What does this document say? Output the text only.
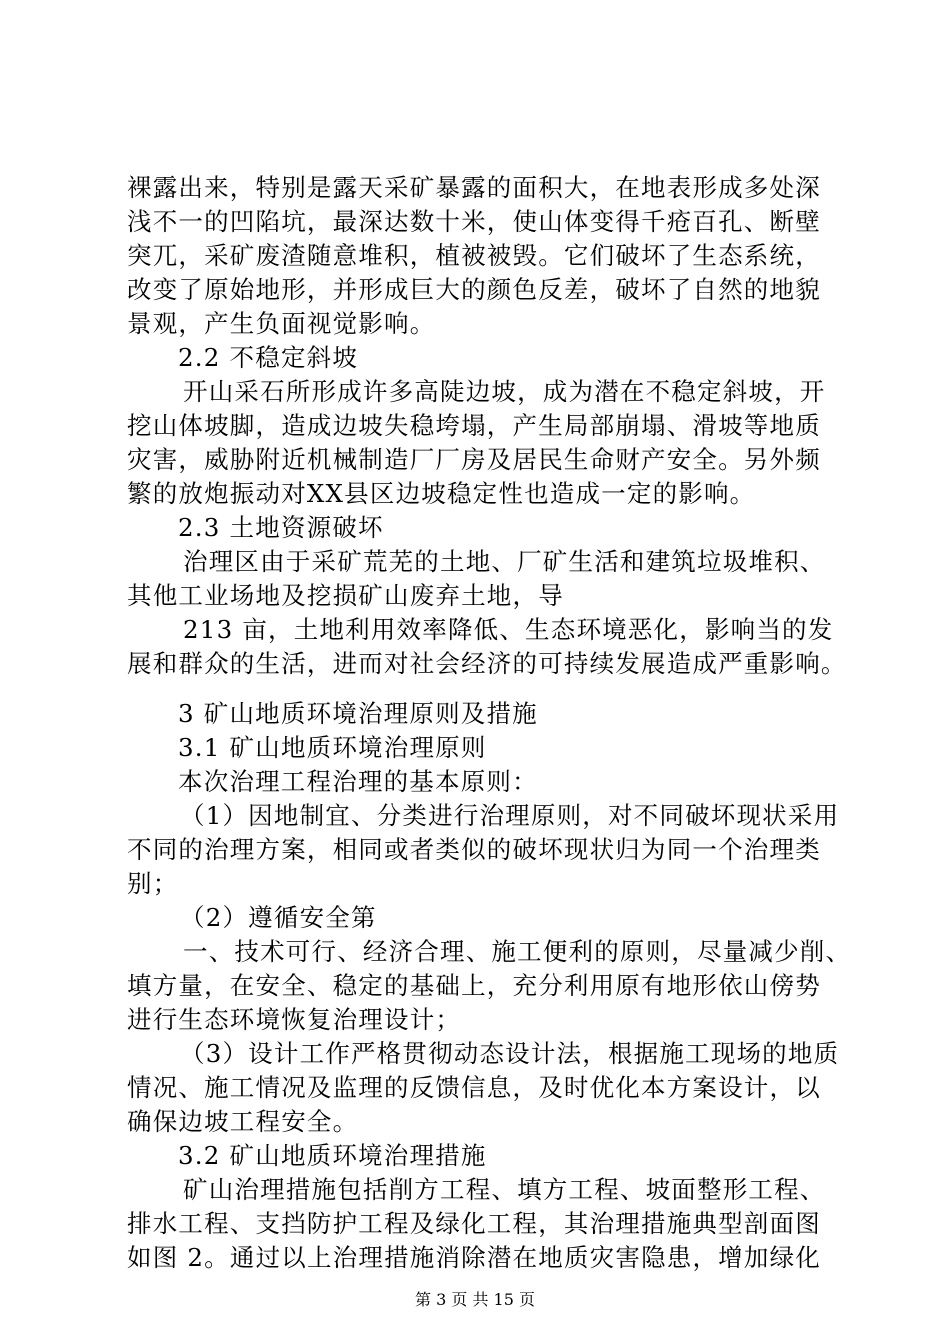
裸露出来，特别是露天采矿暴露的面积大，在地表形成多处深
浅不一的凹陷坑，最深达数十米，使山体变得千疮百孔、断壁
突兀，采矿废渣随意堆积，植被被毁。它们破坏了生态系统，
改变了原始地形，并形成巨大的颜色反差，破坏了自然的地貌
景观，产生负面视觉影响。
2.2 不稳定斜坡
开山采石所形成许多高陡边坡，成为潜在不稳定斜坡，开
挖山体坡脚，造成边坡失稳垮塌，产生局部崩塌、滑坡等地质
灾害，威胁附近机械制造厂厂房及居民生命财产安全。另外频
繁的放炮振动对XX县区边坡稳定性也造成一定的影响。
2.3 土地资源破坏
治理区由于采矿荒芜的土地、厂矿生活和建筑垃圾堆积、
其他工业场地及挖损矿山废弃土地，导
213 亩，土地利用效率降低、生态环境恶化，影响当的发
展和群众的生活，进而对社会经济的可持续发展造成严重影响。
3 矿山地质环境治理原则及措施
3.1 矿山地质环境治理原则
本次治理工程治理的基本原则：
（1）因地制宜、分类进行治理原则，对不同破坏现状采用
不同的治理方案，相同或者类似的破坏现状归为同一个治理类
别；
（2）遵循安全第
一、技术可行、经济合理、施工便利的原则，尽量减少削、
填方量，在安全、稳定的基础上，充分利用原有地形依山傍势
进行生态环境恢复治理设计；
（3）设计工作严格贯彻动态设计法，根据施工现场的地质
情况、施工情况及监理的反馈信息，及时优化本方案设计，以
确保边坡工程安全。
3.2 矿山地质环境治理措施
矿山治理措施包括削方工程、填方工程、坡面整形工程、
排水工程、支挡防护工程及绿化工程，其治理措施典型剖面图
如图 2。通过以上治理措施消除潜在地质灾害隐患，增加绿化
第 3 页 共 15 页
